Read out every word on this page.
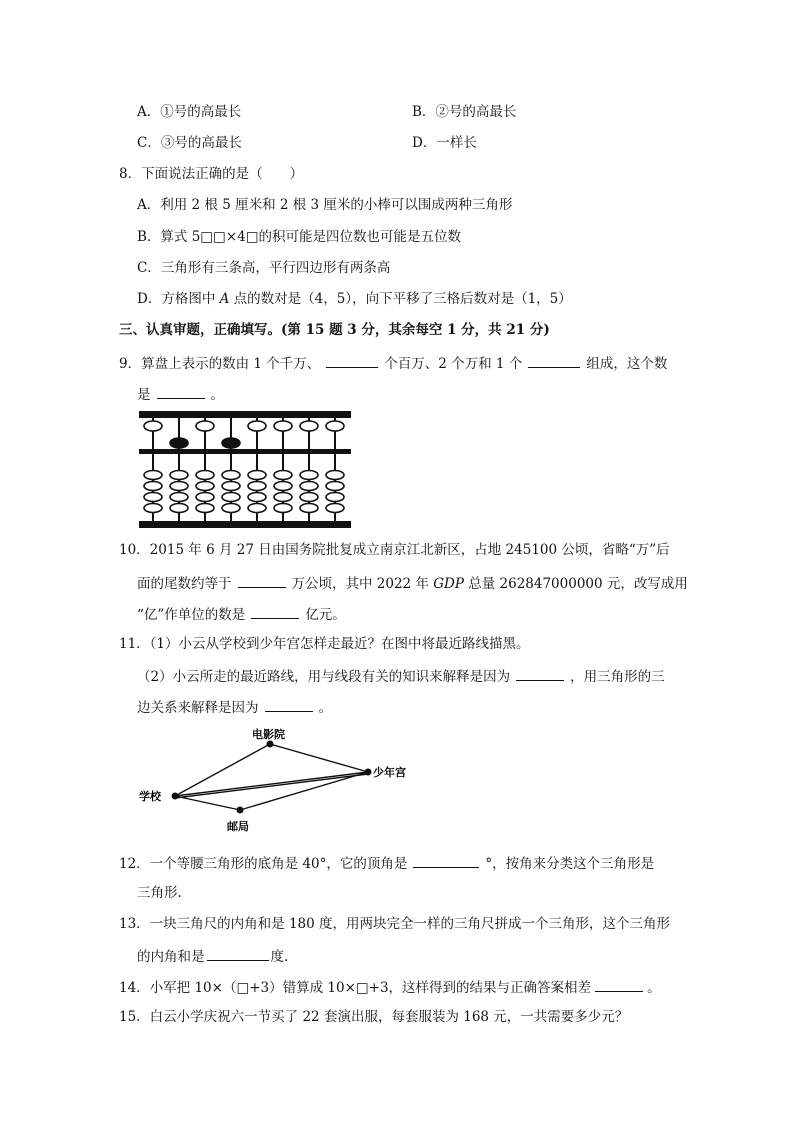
A．①号的高最长	B．②号的高最长
C．③号的高最长	D．一样长
8．下面说法正确的是（　　）
A．利用 2 根 5 厘米和 2 根 3 厘米的小棒可以围成两种三角形
B．算式 5□□×4□的积可能是四位数也可能是五位数
C．三角形有三条高，平行四边形有两条高
D．方格图中 A 点的数对是（4，5），向下平移了三格后数对是（1，5）
三、认真审题，正确填写。(第 15 题 3 分，其余每空 1 分，共 21 分)
9．算盘上表示的数由 1 个千万、	个百万、2 个万和 1 个	组成，这个数
是	。
10．2015 年 6 月 27 日由国务院批复成立南京江北新区，占地 245100 公顷，省略“万”后
面的尾数约等于	万公顷，其中 2022 年 GDP 总量 262847000000 元，改写成用
“亿”作单位的数是	亿元。
11．（1）小云从学校到少年宫怎样走最近？在图中将最近路线描黑。
（2）小云所走的最近路线，用与线段有关的知识来解释是因为	，用三角形的三
边关系来解释是因为	。
电影院
少年宫
学校
邮局
12．一个等腰三角形的底角是 40°，它的顶角是	°，按角来分类这个三角形是
三角形.
13．一块三角尺的内角和是 180 度，用两块完全一样的三角尺拼成一个三角形，这个三角形
的内角和是	度.
14．小军把 10×（□+3）错算成 10×□+3，这样得到的结果与正确答案相差	。
15．白云小学庆祝六一节买了 22 套演出服，每套服装为 168 元，一共需要多少元？
